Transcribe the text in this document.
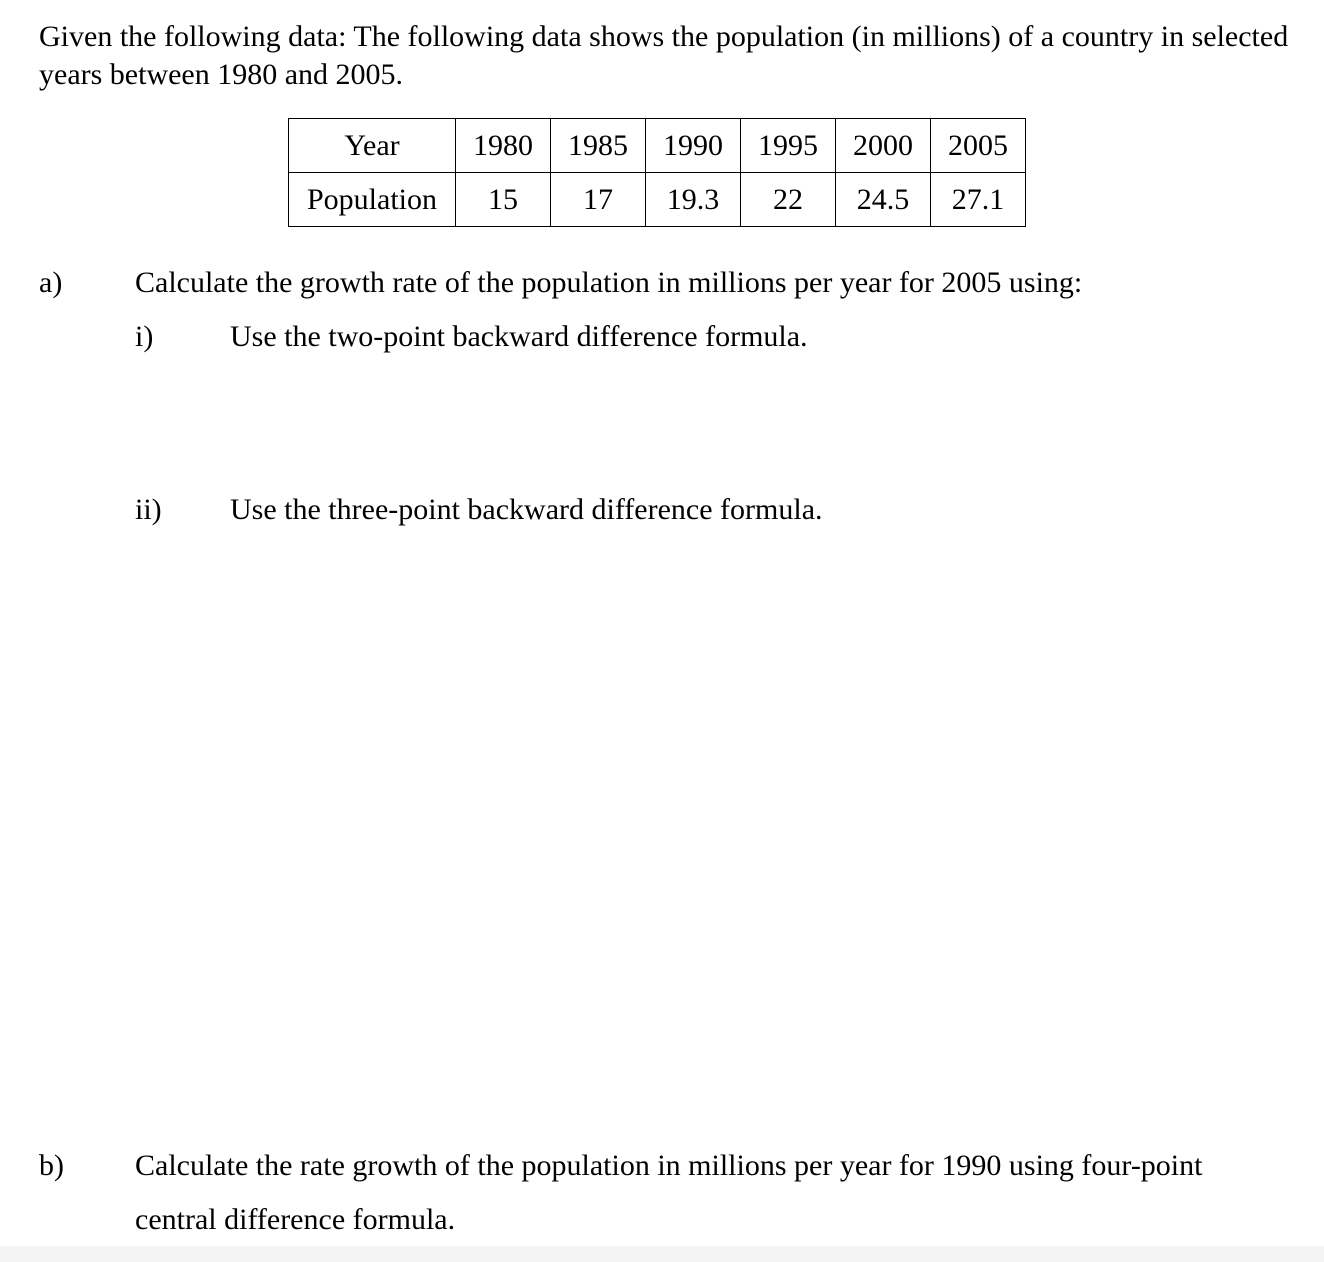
Given the following data: The following data shows the population (in millions) of a country in selected years between 1980 and 2005.

Year	1980	1985	1990	1995	2000	2005
Population	15	17	19.3	22	24.5	27.1
a) Calculate the growth rate of the population in millions per year for 2005 using:
i)	Use the two-point backward difference formula.
ii) Use the three-point backward difference formula.
b) Calculate the rate growth of the population in millions per year for 1990 using four-point
central difference formula.
